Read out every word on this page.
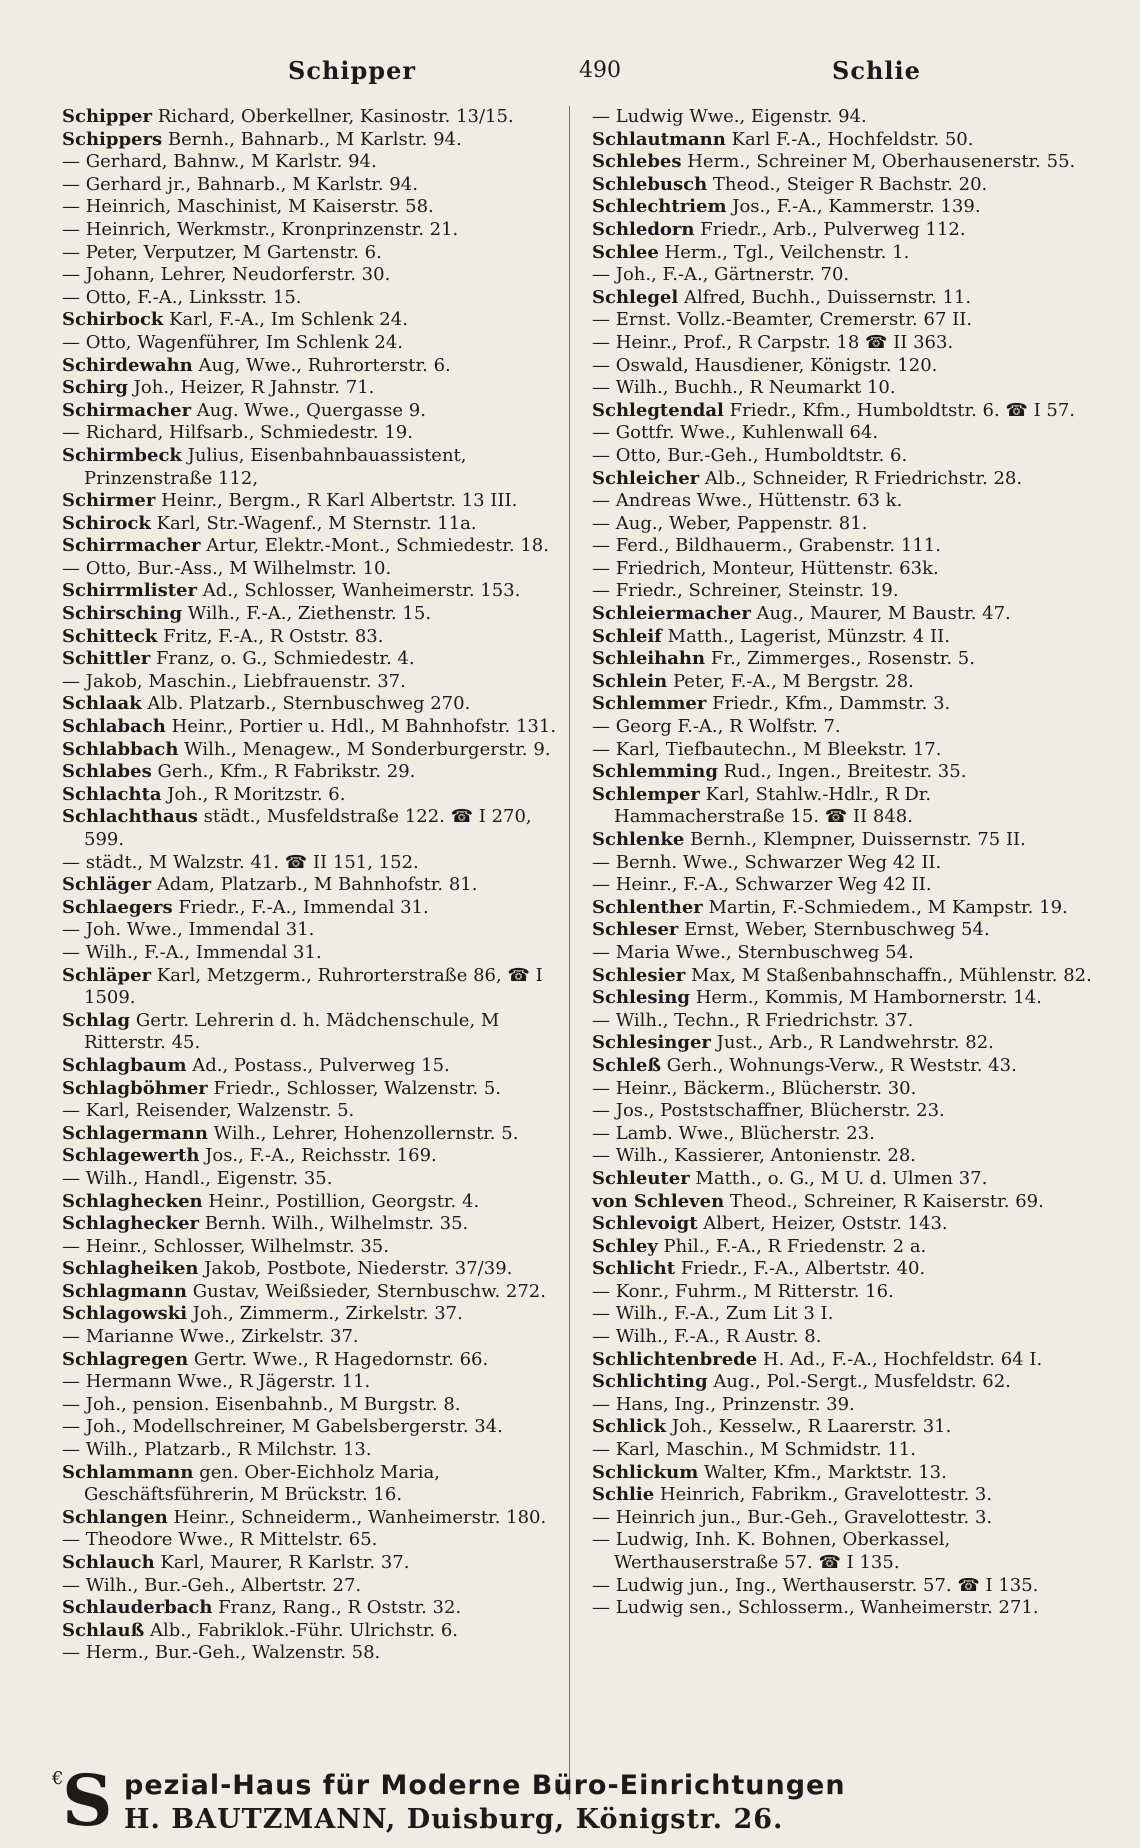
Schipper	490	Schlie

Schipper Richard, Oberkellner, Kasinostr. 13/15.

Schippers Bernh., Bahnarb., M Karlstr. 94.

— Gerhard, Bahnw., M Karlstr. 94.

— Gerhard jr., Bahnarb., M Karlstr. 94.

— Heinrich, Maschinist, M Kaiserstr. 58.

— Heinrich, Werkmstr., Kronprinzenstr. 21.

— Peter, Verputzer, M Gartenstr. 6.

— Johann, Lehrer, Neudorferstr. 30.

— Otto, F.-A., Linksstr. 15.

Schirbock Karl, F.-A., Im Schlenk 24.

— Otto, Wagenführer, Im Schlenk 24.

Schirdewahn Aug, Wwe., Ruhrorterstr. 6.

Schirg Joh., Heizer, R Jahnstr. 71.

Schirmacher Aug. Wwe., Quergasse 9.

— Richard, Hilfsarb., Schmiedestr. 19.

Schirmbeck Julius, Eisenbahnbauassistent, Prinzenstraße 112,

Schirmer Heinr., Bergm., R Karl Albertstr. 13 III.

Schirock Karl, Str.-Wagenf., M Sternstr. 11a.

Schirrmacher Artur, Elektr.-Mont., Schmiedestr. 18.

— Otto, Bur.-Ass., M Wilhelmstr. 10.

Schirrmlister Ad., Schlosser, Wanheimerstr. 153.

Schirsching Wilh., F.-A., Ziethenstr. 15.

Schitteck Fritz, F.-A., R Oststr. 83.

Schittler Franz, o. G., Schmiedestr. 4.

— Jakob, Maschin., Liebfrauenstr. 37.

Schlaak Alb. Platzarb., Sternbuschweg 270.

Schlabach Heinr., Portier u. Hdl., M Bahnhofstr. 131.

Schlabbach Wilh., Menagew., M Sonderburgerstr. 9.

Schlabes Gerh., Kfm., R Fabrikstr. 29.

Schlachta Joh., R Moritzstr. 6.

Schlachthaus städt., Musfeldstraße 122. ☎ I 270, 599.

— städt., M Walzstr. 41. ☎ II 151, 152.

Schläger Adam, Platzarb., M Bahnhofstr. 81.

Schlaegers Friedr., F.-A., Immendal 31.

— Joh. Wwe., Immendal 31.

— Wilh., F.-A., Immendal 31.

Schläper Karl, Metzgerm., Ruhrorterstraße 86, ☎ I 1509.

Schlag Gertr. Lehrerin d. h. Mädchenschule, M Ritterstr. 45.

Schlagbaum Ad., Postass., Pulverweg 15.

Schlagböhmer Friedr., Schlosser, Walzenstr. 5.

— Karl, Reisender, Walzenstr. 5.

Schlagermann Wilh., Lehrer, Hohenzollernstr. 5.

Schlagewerth Jos., F.-A., Reichsstr. 169.

— Wilh., Handl., Eigenstr. 35.

Schlaghecken Heinr., Postillion, Georgstr. 4.

Schlaghecker Bernh. Wilh., Wilhelmstr. 35.

— Heinr., Schlosser, Wilhelmstr. 35.

Schlagheiken Jakob, Postbote, Niederstr. 37/39.

Schlagmann Gustav, Weißsieder, Sternbuschw. 272.

Schlagowski Joh., Zimmerm., Zirkelstr. 37.

— Marianne Wwe., Zirkelstr. 37.

Schlagregen Gertr. Wwe., R Hagedornstr. 66.

— Hermann Wwe., R Jägerstr. 11.

— Joh., pension. Eisenbahnb., M Burgstr. 8.

— Joh., Modellschreiner, M Gabelsbergerstr. 34.

— Wilh., Platzarb., R Milchstr. 13.

Schlammann gen. Ober-Eichholz Maria, Geschäftsführerin, M Brückstr. 16.

Schlangen Heinr., Schneiderm., Wanheimerstr. 180.

— Theodore Wwe., R Mittelstr. 65.

Schlauch Karl, Maurer, R Karlstr. 37.

— Wilh., Bur.-Geh., Albertstr. 27.

Schlauderbach Franz, Rang., R Oststr. 32.

Schlauß Alb., Fabriklok.-Führ. Ulrichstr. 6.

— Herm., Bur.-Geh., Walzenstr. 58.

— Ludwig Wwe., Eigenstr. 94.

Schlautmann Karl F.-A., Hochfeldstr. 50.

Schlebes Herm., Schreiner M, Oberhausenerstr. 55.

Schlebusch Theod., Steiger R Bachstr. 20.

Schlechtriem Jos., F.-A., Kammerstr. 139.

Schledorn Friedr., Arb., Pulverweg 112.

Schlee Herm., Tgl., Veilchenstr. 1.

— Joh., F.-A., Gärtnerstr. 70.

Schlegel Alfred, Buchh., Duissernstr. 11.

— Ernst. Vollz.-Beamter, Cremerstr. 67 II.

— Heinr., Prof., R Carpstr. 18 ☎ II 363.

— Oswald, Hausdiener, Königstr. 120.

— Wilh., Buchh., R Neumarkt 10.

Schlegtendal Friedr., Kfm., Humboldtstr. 6. ☎ I 57.

— Gottfr. Wwe., Kuhlenwall 64.

— Otto, Bur.-Geh., Humboldtstr. 6.

Schleicher Alb., Schneider, R Friedrichstr. 28.

— Andreas Wwe., Hüttenstr. 63 k.

— Aug., Weber, Pappenstr. 81.

— Ferd., Bildhauerm., Grabenstr. 111.

— Friedrich, Monteur, Hüttenstr. 63k.

— Friedr., Schreiner, Steinstr. 19.

Schleiermacher Aug., Maurer, M Baustr. 47.

Schleif Matth., Lagerist, Münzstr. 4 II.

Schleihahn Fr., Zimmerges., Rosenstr. 5.

Schlein Peter, F.-A., M Bergstr. 28.

Schlemmer Friedr., Kfm., Dammstr. 3.

— Georg F.-A., R Wolfstr. 7.

— Karl, Tiefbautechn., M Bleekstr. 17.

Schlemming Rud., Ingen., Breitestr. 35.

Schlemper Karl, Stahlw.-Hdlr., R Dr. Hammacherstraße 15. ☎ II 848.

Schlenke Bernh., Klempner, Duissernstr. 75 II.

— Bernh. Wwe., Schwarzer Weg 42 II.

— Heinr., F.-A., Schwarzer Weg 42 II.

Schlenther Martin, F.-Schmiedem., M Kampstr. 19.

Schleser Ernst, Weber, Sternbuschweg 54.

— Maria Wwe., Sternbuschweg 54.

Schlesier Max, M Staßenbahnschaffn., Mühlenstr. 82.

Schlesing Herm., Kommis, M Hambornerstr. 14.

— Wilh., Techn., R Friedrichstr. 37.

Schlesinger Just., Arb., R Landwehrstr. 82.

Schleß Gerh., Wohnungs-Verw., R Weststr. 43.

— Heinr., Bäckerm., Blücherstr. 30.

— Jos., Poststschaffner, Blücherstr. 23.

— Lamb. Wwe., Blücherstr. 23.

— Wilh., Kassierer, Antonienstr. 28.

Schleuter Matth., o. G., M U. d. Ulmen 37.

von Schleven Theod., Schreiner, R Kaiserstr. 69.

Schlevoigt Albert, Heizer, Oststr. 143.

Schley Phil., F.-A., R Friedenstr. 2 a.

Schlicht Friedr., F.-A., Albertstr. 40.

— Konr., Fuhrm., M Ritterstr. 16.

— Wilh., F.-A., Zum Lit 3 I.

— Wilh., F.-A., R Austr. 8.

Schlichtenbrede H. Ad., F.-A., Hochfeldstr. 64 I.

Schlichting Aug., Pol.-Sergt., Musfeldstr. 62.

— Hans, Ing., Prinzenstr. 39.

Schlick Joh., Kesselw., R Laarerstr. 31.

— Karl, Maschin., M Schmidstr. 11.

Schlickum Walter, Kfm., Marktstr. 13.

Schlie Heinrich, Fabrikm., Gravelottestr. 3.

— Heinrich jun., Bur.-Geh., Gravelottestr. 3.

— Ludwig, Inh. K. Bohnen, Oberkassel, Werthauserstraße 57. ☎ I 135.

— Ludwig jun., Ing., Werthauserstr. 57. ☎ I 135.

— Ludwig sen., Schlosserm., Wanheimerstr. 271.

€
S pezial-Haus für Moderne Büro-Einrichtungen
H. BAUTZMANN, Duisburg, Königstr. 26.
